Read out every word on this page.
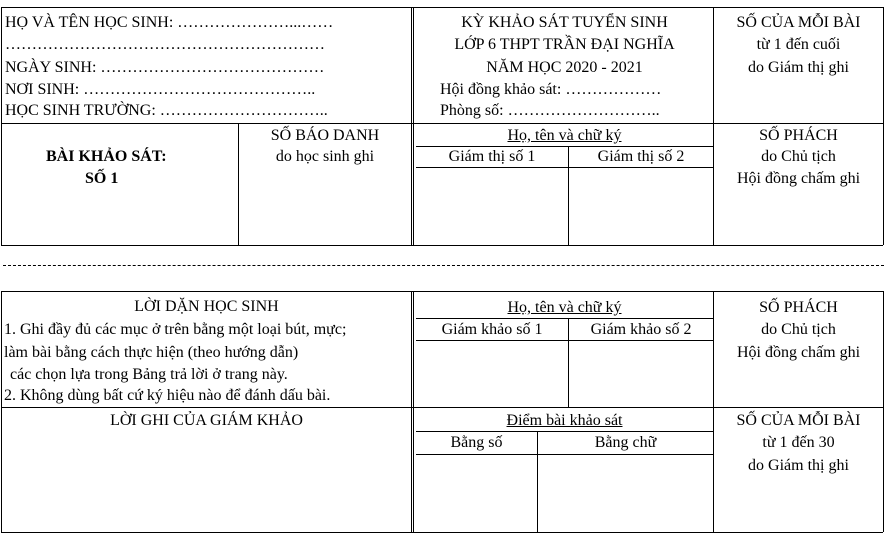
HỌ VÀ TÊN HỌC SINH: …………………...……
……………………………………………………
NGÀY SINH: ……………………………………
NƠI SINH: ……………………………………..
HỌC SINH TRƯỜNG: …………………………..
KỲ KHẢO SÁT TUYỂN SINH
LỚP 6 THPT TRẦN ĐẠI NGHĨA
NĂM HỌC 2020 - 2021
Hội đồng khảo sát: ………………
Phòng số: ………………………..
SỐ CỦA MỖI BÀI
từ 1 đến cuối
do Giám thị ghi
BÀI KHẢO SÁT:
SỐ 1
SỐ BÁO DANH
do học sinh ghi
Họ, tên và chữ ký
Giám thị số 1	Giám thị số 2
SỐ PHÁCH
do Chủ tịch
Hội đồng chấm ghi
LỜI DẶN HỌC SINH
1. Ghi đầy đủ các mục ở trên bằng một loại bút, mực;
làm bài bằng cách thực hiện (theo hướng dẫn)
các chọn lựa trong Bảng trả lời ở trang này.
2. Không dùng bất cứ ký hiệu nào để đánh dấu bài.
Họ, tên và chữ ký
Giám khảo số 1	Giám khảo số 2
SỐ PHÁCH
do Chủ tịch
Hội đồng chấm ghi
LỜI GHI CỦA GIÁM KHẢO	Điểm bài khảo sát
Bằng số	Bằng chữ
SỐ CỦA MỖI BÀI
từ 1 đến 30
do Giám thị ghi
